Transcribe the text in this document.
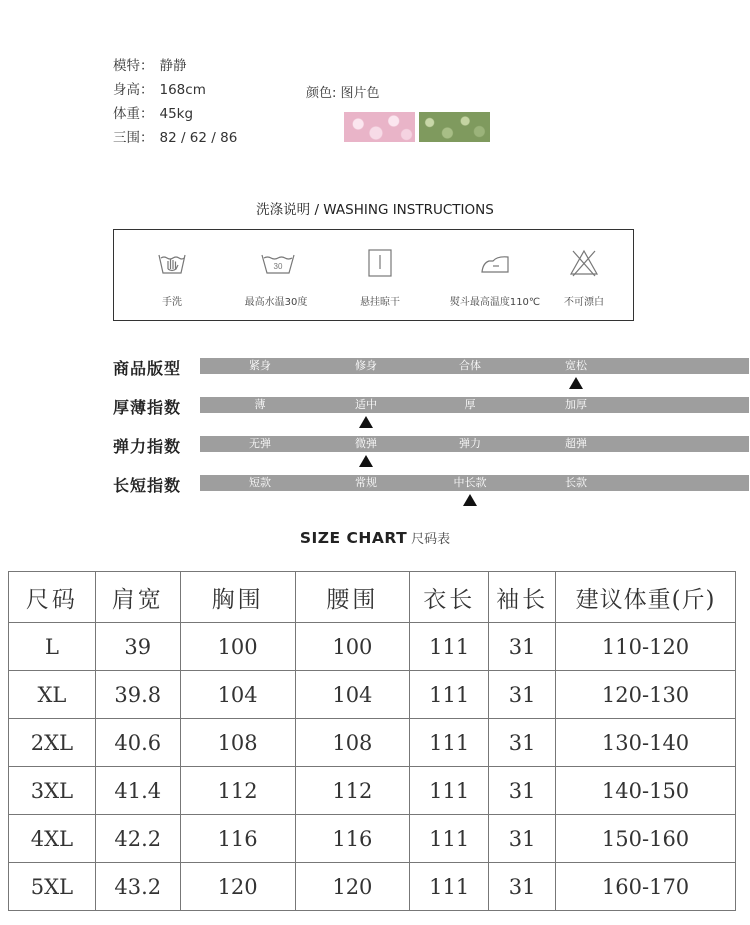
模特： 静静
身高： 168cm
体重： 45kg
三围： 82 / 62 / 86
颜色: 图片色
洗涤说明 / WASHING INSTRUCTIONS
手洗
30
最高水温30度	悬挂晾干	熨斗最高温度110℃	不可漂白
商品版型	紧身	修身	合体	宽松
厚薄指数	薄	适中	厚	加厚
弹力指数	无弹	微弹	弹力	超弹
长短指数	短款	常规	中长款	长款
SIZE CHART 尺码表
尺码	肩宽	胸围	腰围	衣长	袖长	建议体重(斤)
L	39	100	100	111	31	110-120
XL	39.8	104	104	111	31	120-130
2XL	40.6	108	108	111	31	130-140
3XL	41.4	112	112	111	31	140-150
4XL	42.2	116	116	111	31	150-160
5XL	43.2	120	120	111	31	160-170
